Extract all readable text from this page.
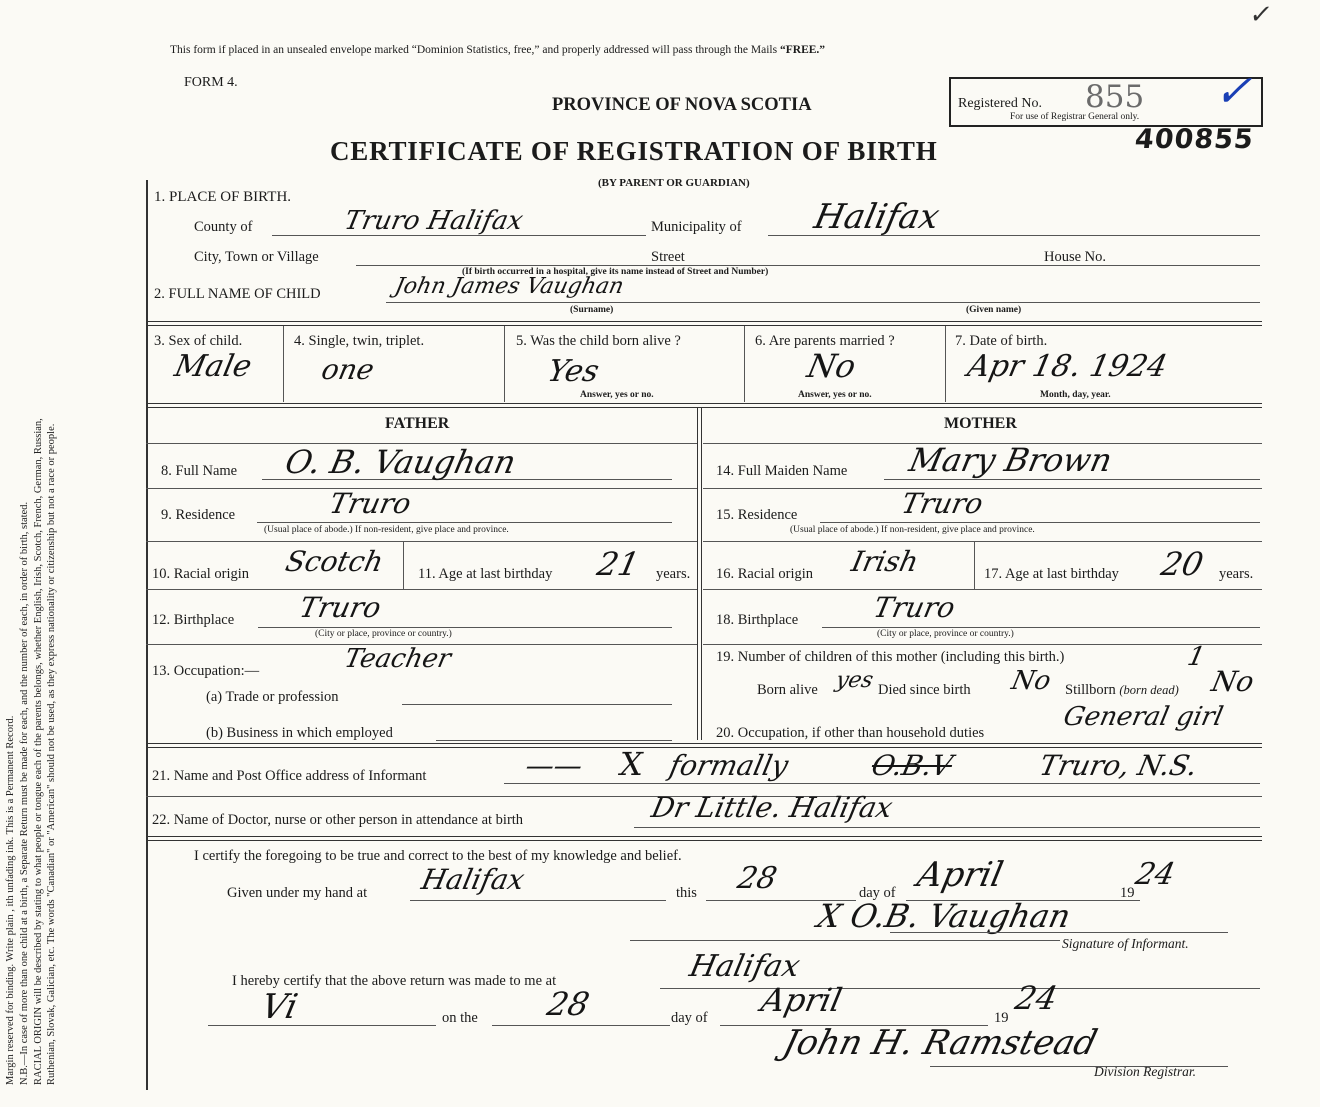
Margin reserved for binding. Write plain , ith unfading ink. This is a Permanent Record. N.B.—In case of more than one child at a birth, a Separate Return must be made for each, and the number of each, in order of birth, stated. RACIAL ORIGIN will be described by stating to what people or tongue each of the parents belongs, whether English, Irish, Scotch, French, German, Russian, Ruthenian, Slovak, Galician, etc. The words "Canadian" or "American" should not be used, as they express nationality or citizenship but not a race or people.
This form if placed in an unsealed envelope marked “Dominion Statistics, free,” and properly addressed will pass through the Mails “FREE.”
FORM 4.
PROVINCE OF NOVA SCOTIA
CERTIFICATE OF REGISTRATION OF BIRTH
(BY PARENT OR GUARDIAN)
Registered No.
For use of Registrar General only.
855 ✓
✓
400855
1. PLACE OF BIRTH.
County of	Truro Halifax	Municipality of Halifax
City, Town or Village	Street	House No.
(If birth occurred in a hospital, give its name instead of Street and Number)
2. FULL NAME OF CHILD	John James Vaughan
(Surname)	(Given name)
3. Sex of child.
Male
4. Single, twin, triplet.
one
5. Was the child born alive ?
Yes
Answer, yes or no.
6. Are parents married ?
No
Answer, yes or no.
7. Date of birth.
Apr 18. 1924
Month, day, year.
FATHER	MOTHER
8. Full Name O. B. Vaughan	14. Full Maiden Name Mary Brown
9. Residence	Truro
(Usual place of abode.) If non-resident, give place and province.
15. Residence	Truro
(Usual place of abode.) If non-resident, give place and province.
10. Racial origin Scotch 11. Age at last birthday 21 years. 16. Racial origin Irish	17. Age at last birthday 20 years.
12. Birthplace Truro
(City or place, province or country.)
18. Birthplace	Truro
(City or place, province or country.)
13. Occupation:—	Teacher
(a) Trade or profession
(b) Business in which employed
19. Number of children of this mother (including this birth.)	1
Born alive yes Died since birth No Stillborn (born dead) No
20. Occupation, if other than household duties
General girl
21. Name and Post Office address of Informant	—— X formally	O.B.V	Truro, N.S.
22. Name of Doctor, nurse or other person in attendance at birth	Dr Little. Halifax
I certify the foregoing to be true and correct to the best of my knowledge and belief.
Given under my hand at Halifax	this 28	day of April	19
24
X O.B. Vaughan
Signature of Informant.
I hereby certify that the above return was made to me at	Halifax
Vi	on the 28	day of April	19
24
John H. Ramstead
Division Registrar.
